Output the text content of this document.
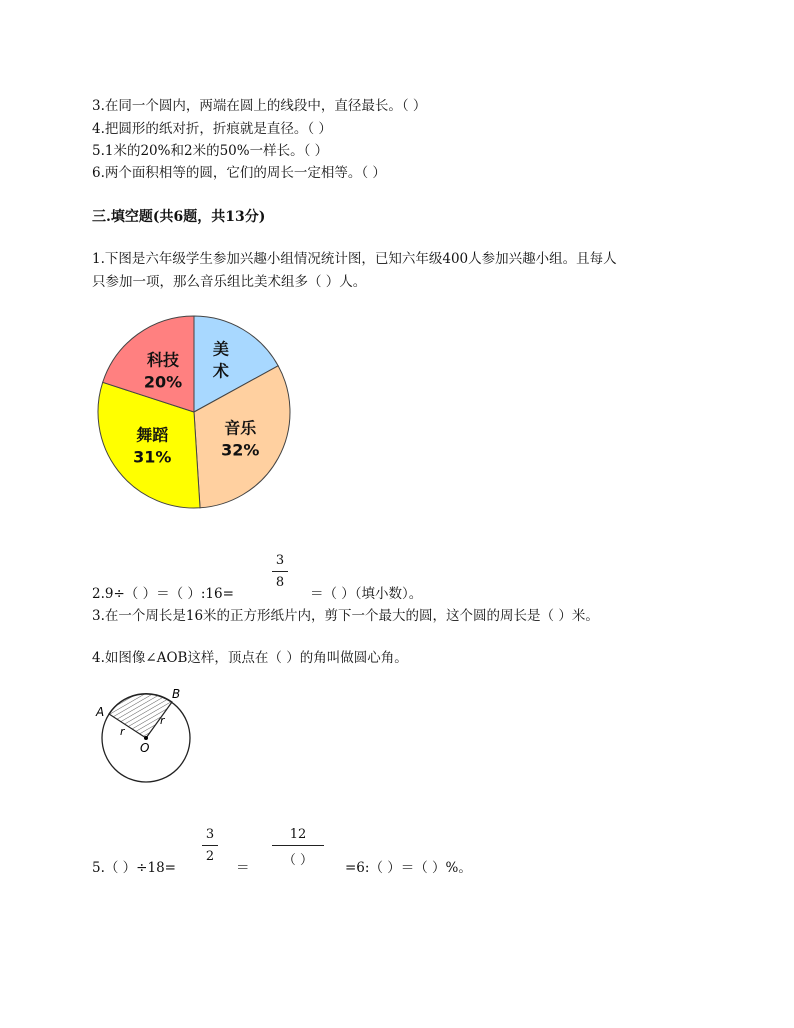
3.在同一个圆内，两端在圆上的线段中，直径最长。（ ）
4.把圆形的纸对折，折痕就是直径。（ ）
5.1米的20%和2米的50%一样长。（ ）
6.两个面积相等的圆，它们的周长一定相等。（ ）
三.填空题(共6题，共13分)
1.下图是六年级学生参加兴趣小组情况统计图，已知六年级400人参加兴趣小组。且每人
只参加一项，那么音乐组比美术组多（ ）人。
美术
音乐
32%
舞蹈
31%
科技
20%
2.9÷（ ）＝（ ）:16=
3
8
＝（ ）（填小数）。
3.在一个周长是16米的正方形纸片内，剪下一个最大的圆，这个圆的周长是（ ）米。
4.如图像∠AOB这样，顶点在（ ）的角叫做圆心角。
A
B
O
r
r
5.（ ）÷18=
3
2
＝
12
（ ）	=6:（ ）＝（ ）%。
